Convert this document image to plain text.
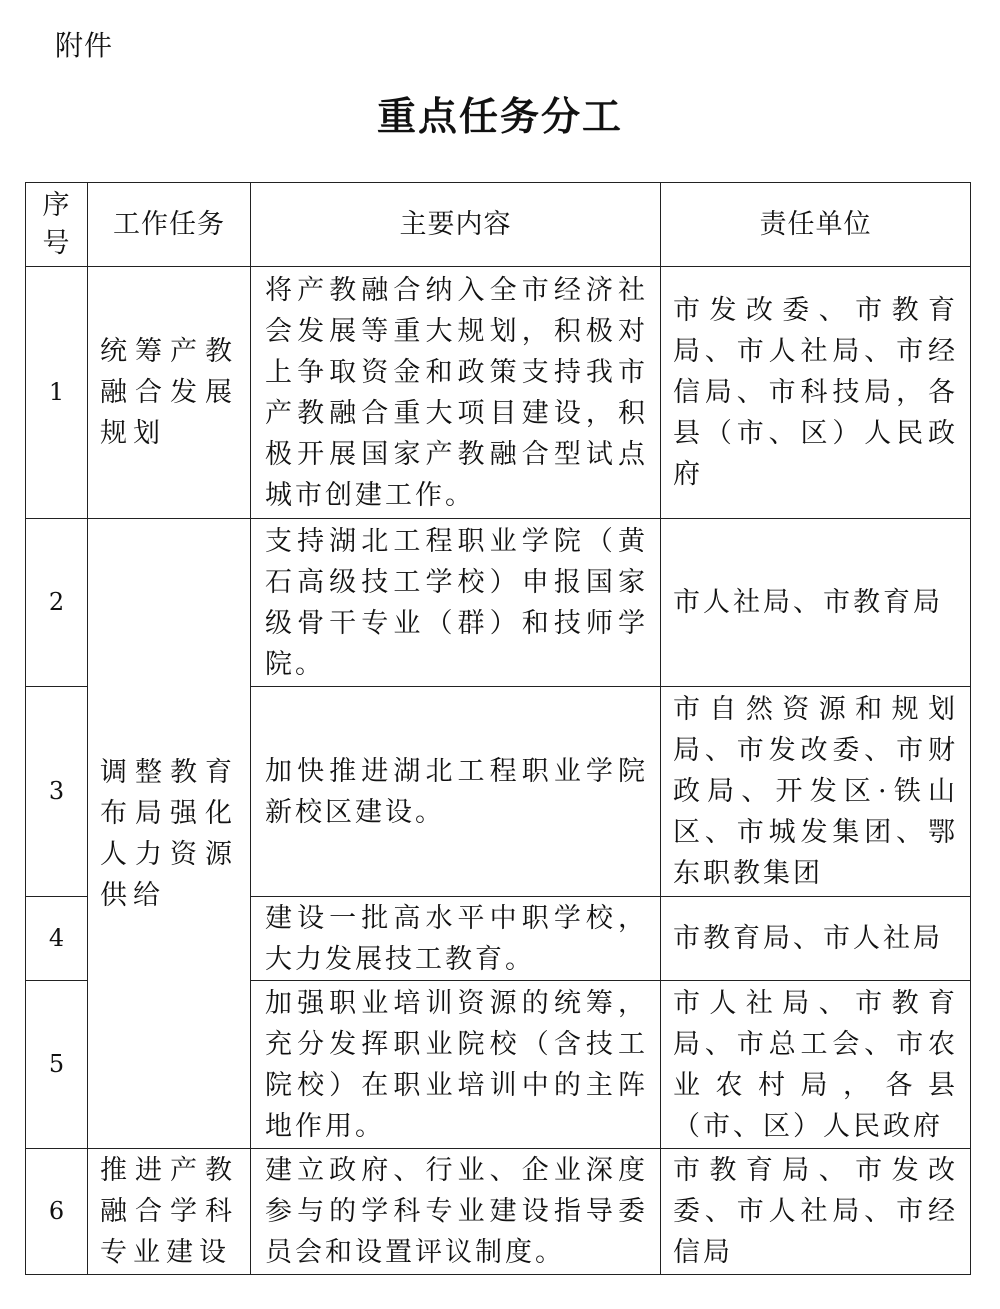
附件
重点任务分工
序号	工作任务	主要内容	责任单位
1	统筹产教融合发展规划	将产教融合纳入全市经济社会发展等重大规划，积极对上争取资金和政策支持我市产教融合重大项目建设，积极开展国家产教融合型试点城市创建工作。	市发改委、市教育局、市人社局、市经信局、市科技局，各县（市、区）人民政府
2	调整教育布局强化人力资源供给	支持湖北工程职业学院（黄石高级技工学校）申报国家级骨干专业（群）和技师学院。	市人社局、市教育局
3		加快推进湖北工程职业学院新校区建设。	市自然资源和规划局、市发改委、市财政局、开发区·铁山区、市城发集团、鄂东职教集团
4		建设一批高水平中职学校，大力发展技工教育。	市教育局、市人社局
5		加强职业培训资源的统筹，充分发挥职业院校（含技工院校）在职业培训中的主阵地作用。	市人社局、市教育局、市总工会、市农业农村局，各县（市、区）人民政府
6	推进产教融合学科专业建设	建立政府、行业、企业深度参与的学科专业建设指导委员会和设置评议制度。	市教育局、市发改委、市人社局、市经信局
